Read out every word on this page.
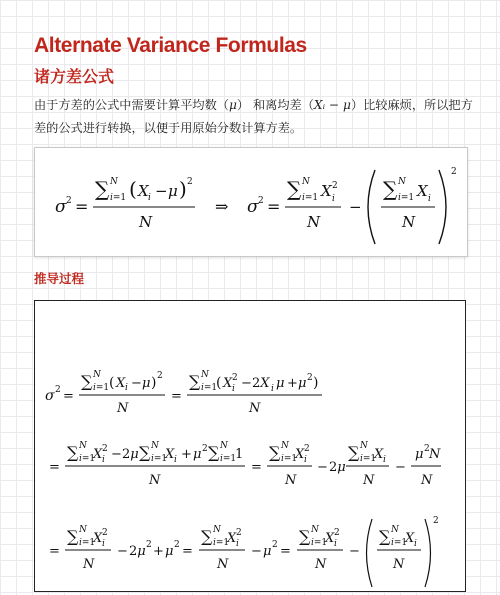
Alternate Variance Formulas
诸方差公式
由于方差的公式中需要计算平均数（μ） 和离均差（Xᵢ − μ）比较麻烦，所以把方差的公式进行转换，以便于用原始分数计算方差。
σ 2 =
∑ N
i=1 ( X i − μ ) 2
N
⇒ σ 2 =
∑ N
i=1 X 2
i
N
−
∑ N
i=1 X i
N
2
推导过程
σ 2 =
∑ N
i=1 ( X i − μ ) 2
N
=
∑ N
i=1
( X 2
i − 2X i μ + μ 2 )
N
=
∑ N
i=1
X 2
i − 2μ ∑ N
i=1
X i + μ 2 ∑ N
i=1
1
N
=
∑ N
i=1
X 2
i
N
− 2μ
∑ N
i=1
X i
N
−
μ 2 N
N
=
∑ N
i=1
X 2
i
N
− 2μ 2 + μ 2 =
∑ N
i=1
X 2
i
N
− μ 2 =
∑ N
i=1
X 2
i
N
−
∑ N
i=1
X i
N
2
